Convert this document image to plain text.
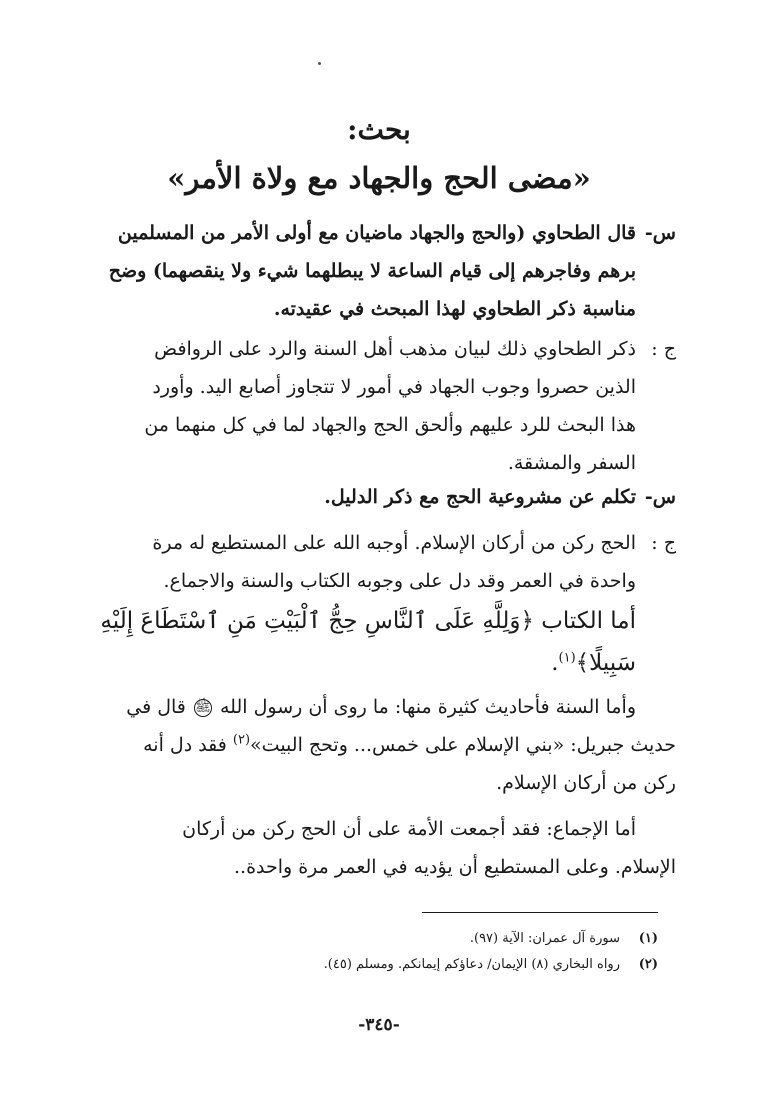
بحث:
«مضى الحج والجهاد مع ولاة الأمر»
س-
قال الطحاوي (والحج والجهاد ماضيان مع أولى الأمر من المسلمين
برهم وفاجرهم إلى قيام الساعة لا يبطلهما شيء ولا ينقصهما) وضح
مناسبة ذكر الطحاوي لهذا المبحث في عقيدته.
ج :
ذكر الطحاوي ذلك لبيان مذهب أهل السنة والرد على الروافض
الذين حصروا وجوب الجهاد في أمور لا تتجاوز أصابع اليد. وأورد
هذا البحث للرد عليهم وألحق الحج والجهاد لما في كل منهما من
السفر والمشقة.
س-
تكلم عن مشروعية الحج مع ذكر الدليل.
ج :
الحج ركن من أركان الإسلام. أوجبه الله على المستطيع له مرة
واحدة في العمر وقد دل على وجوبه الكتاب والسنة والاجماع.
أما الكتاب ﴿وَلِلَّهِ عَلَى ٱلنَّاسِ حِجُّ ٱلْبَيْتِ مَنِ ٱسْتَطَاعَ إِلَيْهِ
سَبِيلًا﴾$^{(١)}$.
وأما السنة فأحاديث كثيرة منها: ما روى أن رسول الله ﷺ قال في
حديث جبريل: «بني الإسلام على خمس... وتحج البيت»$^{(٢)}$ فقد دل أنه
ركن من أركان الإسلام.
أما الإجماع: فقد أجمعت الأمة على أن الحج ركن من أركان
الإسلام. وعلى المستطيع أن يؤديه في العمر مرة واحدة..
(١)
سورة آل عمران: الآية (٩٧).
(٢)
رواه البخاري (٨) الإيمان/ دعاؤكم إيمانكم. ومسلم (٤٥).
-٣٤٥-
